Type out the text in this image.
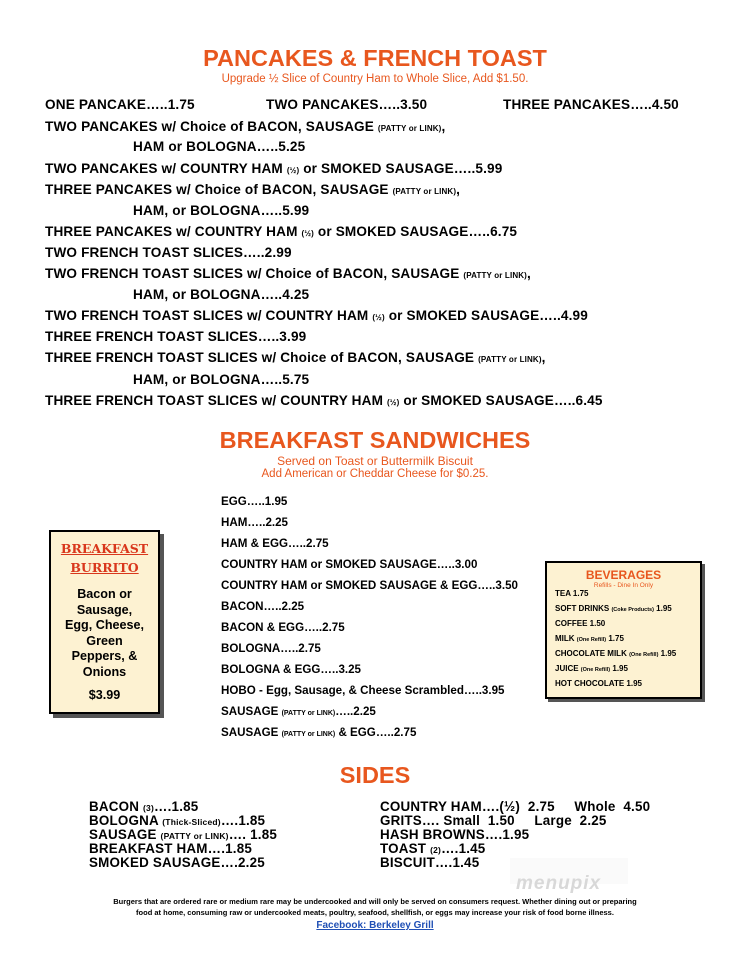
PANCAKES & FRENCH TOAST
Upgrade ½ Slice of Country Ham to Whole Slice, Add $1.50.
ONE PANCAKE…..1.75	TWO PANCAKES…..3.50	THREE PANCAKES…..4.50
TWO PANCAKES w/ Choice of BACON, SAUSAGE (PATTY or LINK),
HAM or BOLOGNA…..5.25
TWO PANCAKES w/ COUNTRY HAM (½) or SMOKED SAUSAGE…..5.99
THREE PANCAKES w/ Choice of BACON, SAUSAGE (PATTY or LINK),
HAM, or BOLOGNA…..5.99
THREE PANCAKES w/ COUNTRY HAM (½) or SMOKED SAUSAGE…..6.75
TWO FRENCH TOAST SLICES…..2.99
TWO FRENCH TOAST SLICES w/ Choice of BACON, SAUSAGE (PATTY or LINK),
HAM, or BOLOGNA…..4.25
TWO FRENCH TOAST SLICES w/ COUNTRY HAM (½) or SMOKED SAUSAGE…..4.99
THREE FRENCH TOAST SLICES…..3.99
THREE FRENCH TOAST SLICES w/ Choice of BACON, SAUSAGE (PATTY or LINK),
HAM, or BOLOGNA…..5.75
THREE FRENCH TOAST SLICES w/ COUNTRY HAM (½) or SMOKED SAUSAGE…..6.45
BREAKFAST SANDWICHES
Served on Toast or Buttermilk Biscuit
Add American or Cheddar Cheese for $0.25.
EGG…..1.95
HAM…..2.25
HAM & EGG…..2.75
COUNTRY HAM or SMOKED SAUSAGE…..3.00
COUNTRY HAM or SMOKED SAUSAGE & EGG…..3.50
BACON…..2.25
BACON & EGG…..2.75
BOLOGNA…..2.75
BOLOGNA & EGG…..3.25
HOBO - Egg, Sausage, & Cheese Scrambled…..3.95
SAUSAGE (PATTY or LINK)…..2.25
SAUSAGE (PATTY or LINK) & EGG…..2.75
BREAKFAST
BURRITO
Bacon or
Sausage,
Egg, Cheese,
Green
Peppers, &
Onions
$3.99
BEVERAGES
Refills - Dine In Only
TEA 1.75
SOFT DRINKS (Coke Products) 1.95
COFFEE 1.50
MILK (One Refill) 1.75
CHOCOLATE MILK (One Refill) 1.95
JUICE (One Refill) 1.95
HOT CHOCOLATE 1.95
SIDES
BACON (3)….1.85
BOLOGNA (Thick-Sliced)….1.85
SAUSAGE (PATTY or LINK)…. 1.85
BREAKFAST HAM….1.85
SMOKED SAUSAGE….2.25
COUNTRY HAM….(½)  2.75     Whole  4.50
GRITS…. Small  1.50     Large  2.25
HASH BROWNS….1.95
TOAST (2)….1.45
BISCUIT….1.45
menupix
Burgers that are ordered rare or medium rare may be undercooked and will only be served on consumers request. Whether dining out or preparing
food at home, consuming raw or undercooked meats, poultry, seafood, shellfish, or eggs may increase your risk of food borne illness.
Facebook: Berkeley Grill
